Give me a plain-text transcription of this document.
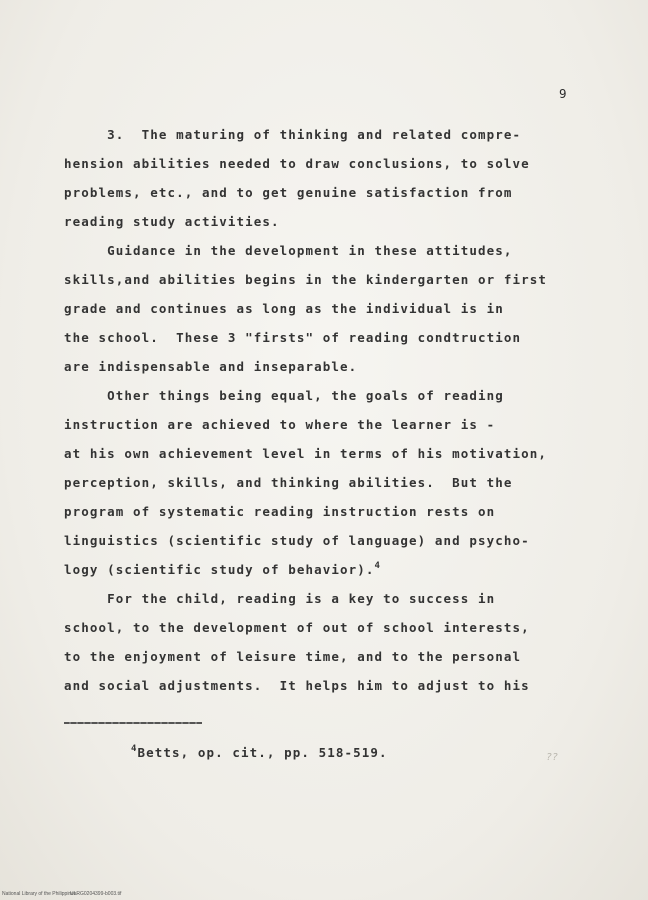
9
3.  The maturing of thinking and related compre-
hension abilities needed to draw conclusions, to solve
problems, etc., and to get genuine satisfaction from
reading study activities.
Guidance in the development in these attitudes,
skills,and abilities begins in the kindergarten or first
grade and continues as long as the individual is in
the school.  These 3 "firsts" of reading condtruction
are indispensable and inseparable.
Other things being equal, the goals of reading
instruction are achieved to where the learner is -
at his own achievement level in terms of his motivation,
perception, skills, and thinking abilities.  But the
program of systematic reading instruction rests on
linguistics (scientific study of language) and psycho-
logy (scientific study of behavior).$^4$
For the child, reading is a key to success in
school, to the development of out of school interests,
to the enjoyment of leisure time, and to the personal
and social adjustments.  It helps him to adjust to his
$^4$Betts, op. cit., pp. 518-519.	??
National Library of the Philippines
ULRG0204399-b003.tif
